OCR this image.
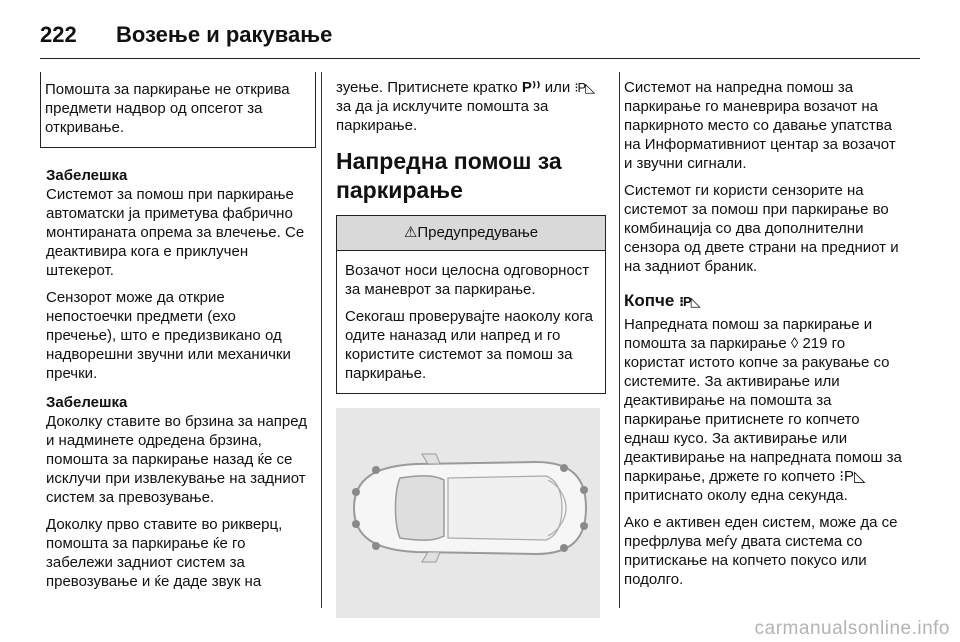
222 Возење и ракување

Помошта за паркирање не открива предмети надвор од опсегот за откривање.

Забелешка

Системот за помош при паркирање автоматски ја приметува фабрично монтираната опрема за влечење. Се деактивира кога е приклучен штекерот.

Сензорот може да открие непостоечки предмети (ехо пречење), што е предизвикано од надворешни звучни или механички пречки.

Забелешка

Доколку ставите во брзина за напред и надминете одредена брзина, помошта за паркирање назад ќе се исклучи при извлекување на задниот систем за превозување.

Доколку прво ставите во рикверц, помошта за паркирање ќе го забележи задниот систем за превозување и ќе даде звук на

зуење. Притиснете кратко P⁾⁾ или ⁝P◺ за да ја исклучите помошта за паркирање.

Напредна помош за паркирање
⚠Предупредување

Возачот носи целосна одговорност за маневрот за паркирање.

Секогаш проверувајте наоколу кога одите наназад или напред и го користите системот за помош за паркирање.

Системот на напредна помош за паркирање го маневрира возачот на паркирното место со давање упатства на Информативниот центар за возачот и звучни сигнали.

Системот ги користи сензорите на системот за помош при паркирање во комбинација со два дополнителни сензора од двете страни на предниот и на задниот браник.

Копче ⁝P◺

Напредната помош за паркирање и помошта за паркирање ◊ 219 го користат истото копче за ракување со системите. За активирање или деактивирање на помошта за паркирање притиснете го копчето еднаш кусо. За активирање или деактивирање на напредната помош за паркирање, држете го копчето ⁝P◺ притиснато околу една секунда.

Ако е активен еден систем, може да се префрлува меѓу двата система со притискање на копчето покусо или подолго.

carmanualsonline.info
